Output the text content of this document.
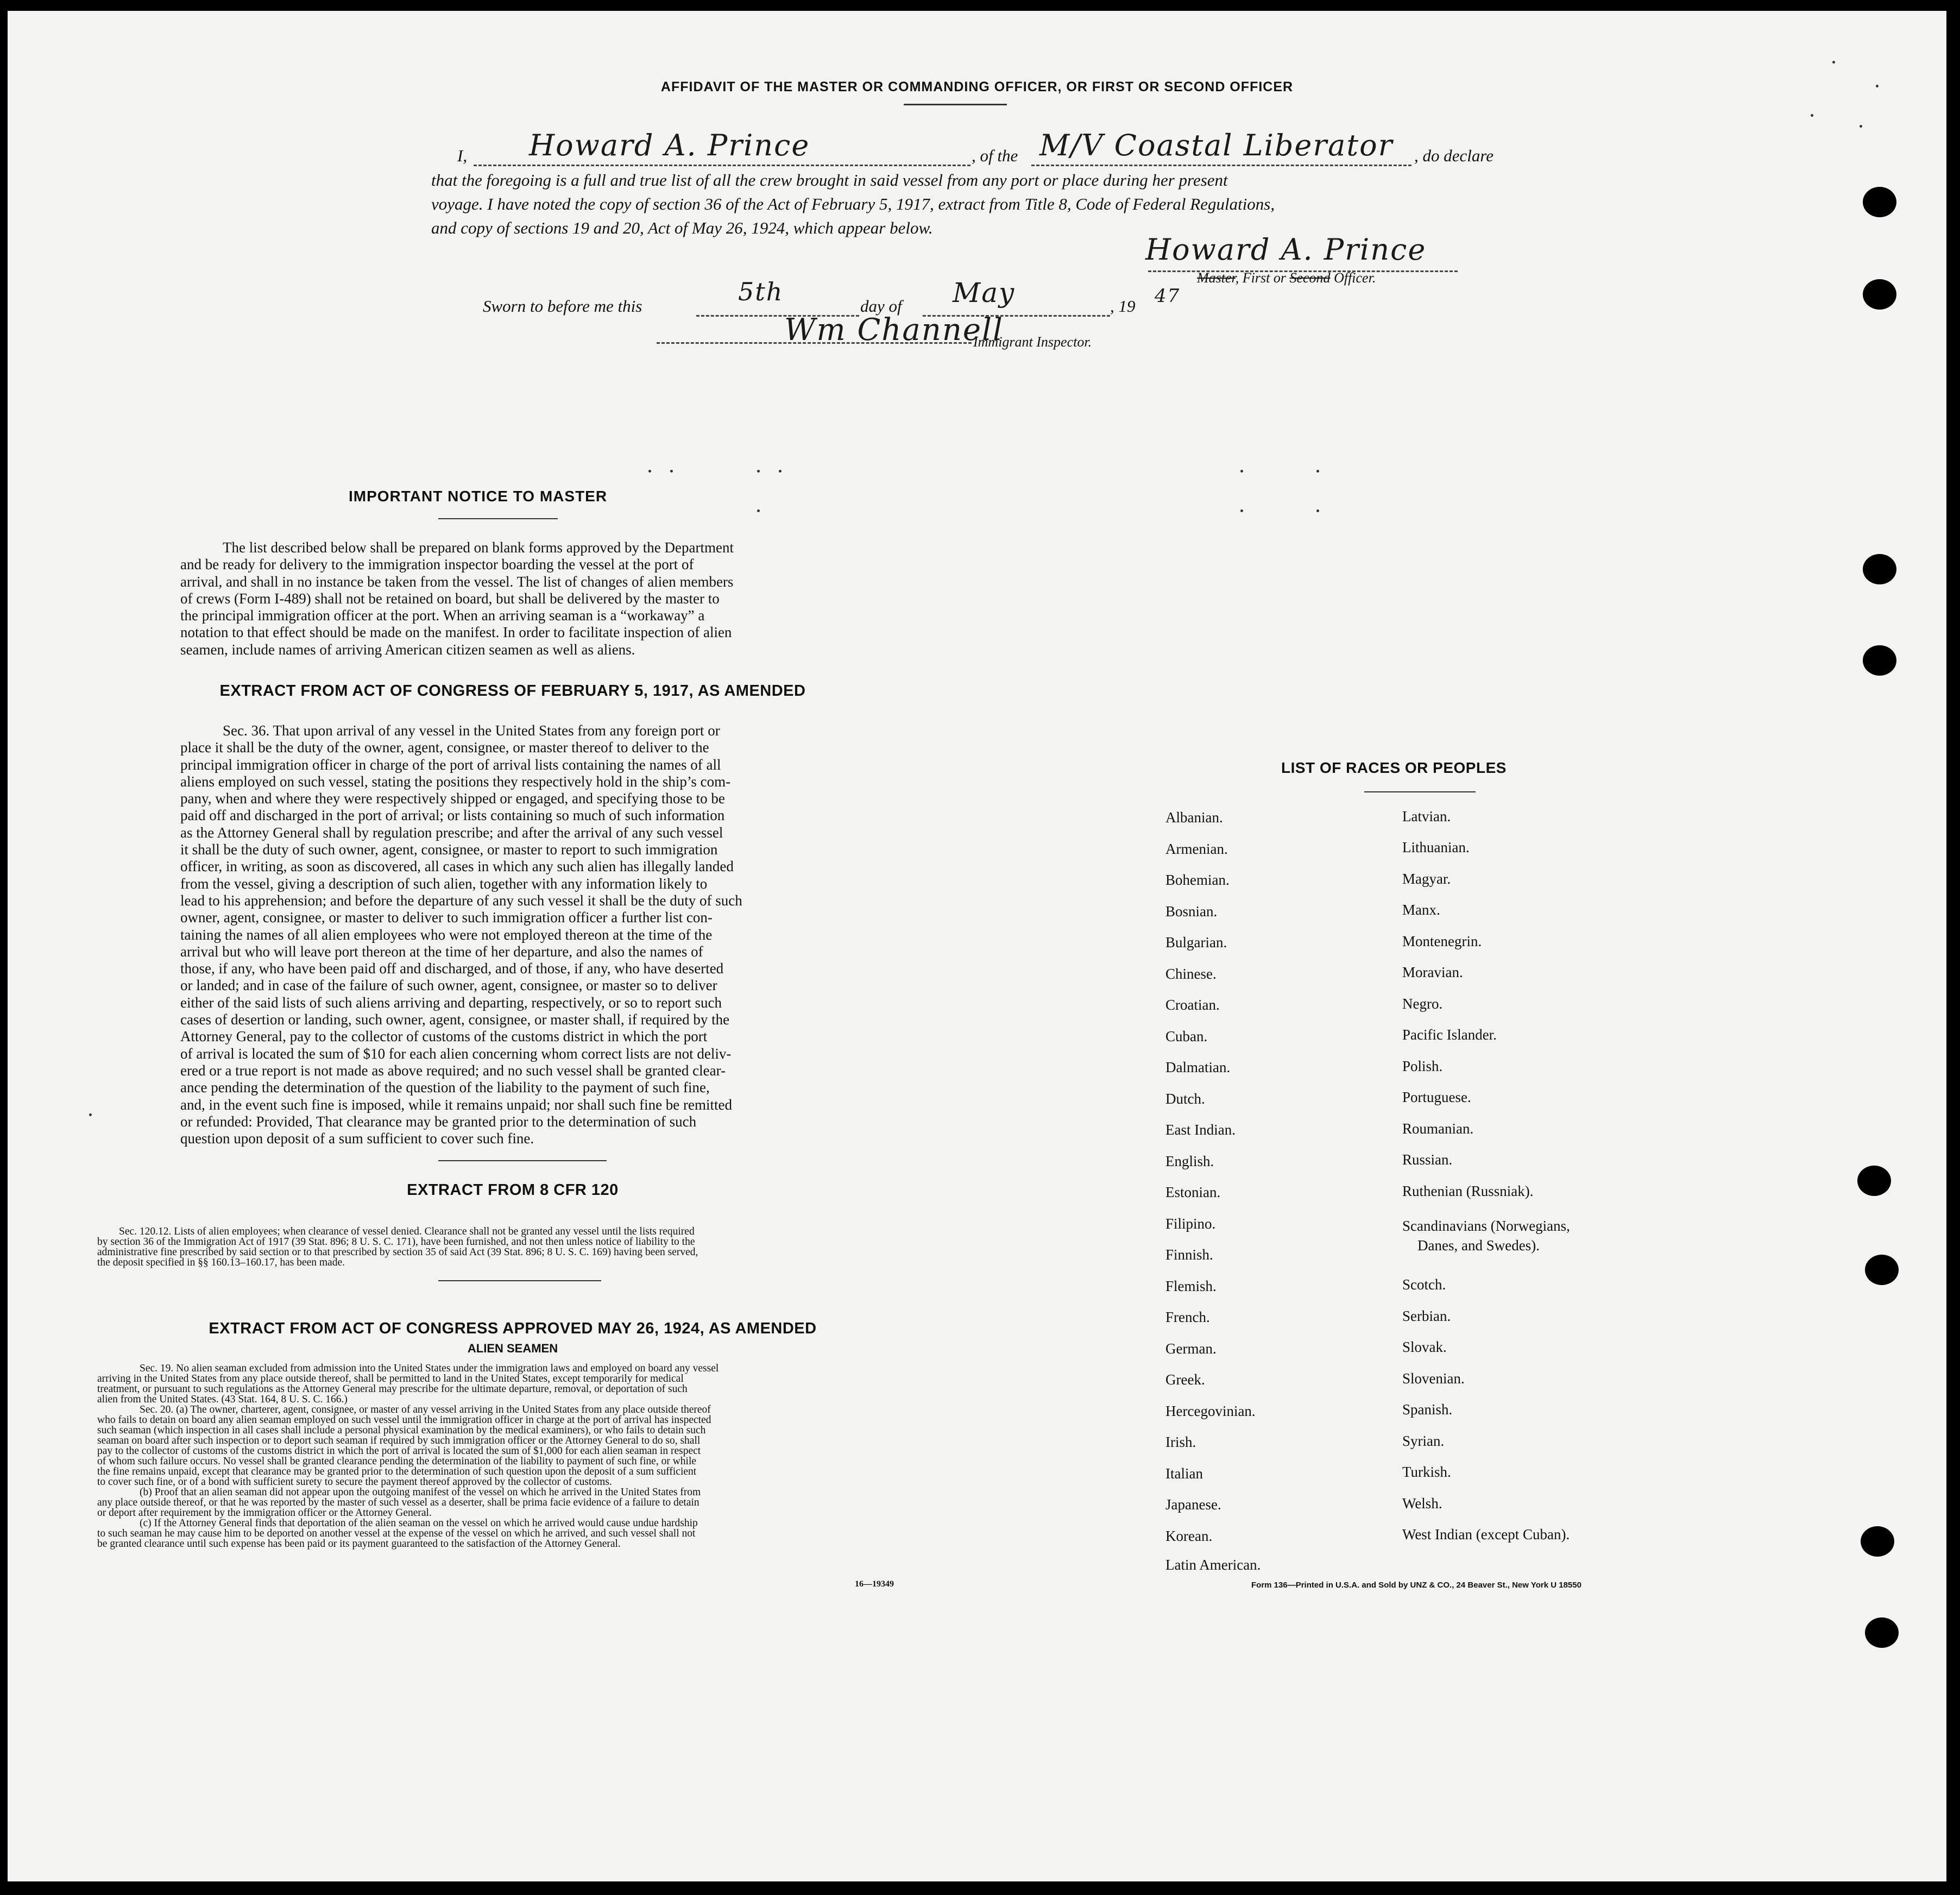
AFFIDAVIT OF THE MASTER OR COMMANDING OFFICER, OR FIRST OR SECOND OFFICER
I, Howard A. Prince	, of the M/V Coastal Liberator , do declare
that the foregoing is a full and true list of all the crew brought in said vessel from any port or place during her present
voyage. I have noted the copy of section 36 of the Act of February 5, 1917, extract from Title 8, Code of Federal Regulations,
and copy of sections 19 and 20, Act of May 26, 1924, which appear below.
Howard A. Prince
Master, First or Second Officer.
Sworn to before me this	5th	day of May	, 19 47
Wm Channell
Immigrant Inspector.
IMPORTANT NOTICE TO MASTER
The list described below shall be prepared on blank forms approved by the Department
and be ready for delivery to the immigration inspector boarding the vessel at the port of
arrival, and shall in no instance be taken from the vessel. The list of changes of alien members
of crews (Form I-489) shall not be retained on board, but shall be delivered by the master to
the principal immigration officer at the port. When an arriving seaman is a “workaway” a
notation to that effect should be made on the manifest. In order to facilitate inspection of alien
seamen, include names of arriving American citizen seamen as well as aliens.
EXTRACT FROM ACT OF CONGRESS OF FEBRUARY 5, 1917, AS AMENDED
Sec. 36. That upon arrival of any vessel in the United States from any foreign port or
place it shall be the duty of the owner, agent, consignee, or master thereof to deliver to the
principal immigration officer in charge of the port of arrival lists containing the names of all
aliens employed on such vessel, stating the positions they respectively hold in the ship’s com-
pany, when and where they were respectively shipped or engaged, and specifying those to be
paid off and discharged in the port of arrival; or lists containing so much of such information
as the Attorney General shall by regulation prescribe; and after the arrival of any such vessel
it shall be the duty of such owner, agent, consignee, or master to report to such immigration
officer, in writing, as soon as discovered, all cases in which any such alien has illegally landed
from the vessel, giving a description of such alien, together with any information likely to
lead to his apprehension; and before the departure of any such vessel it shall be the duty of such
owner, agent, consignee, or master to deliver to such immigration officer a further list con-
taining the names of all alien employees who were not employed thereon at the time of the
arrival but who will leave port thereon at the time of her departure, and also the names of
those, if any, who have been paid off and discharged, and of those, if any, who have deserted
or landed; and in case of the failure of such owner, agent, consignee, or master so to deliver
either of the said lists of such aliens arriving and departing, respectively, or so to report such
cases of desertion or landing, such owner, agent, consignee, or master shall, if required by the
Attorney General, pay to the collector of customs of the customs district in which the port
of arrival is located the sum of $10 for each alien concerning whom correct lists are not deliv-
ered or a true report is not made as above required; and no such vessel shall be granted clear-
ance pending the determination of the question of the liability to the payment of such fine,
and, in the event such fine is imposed, while it remains unpaid; nor shall such fine be remitted
or refunded: Provided, That clearance may be granted prior to the determination of such
question upon deposit of a sum sufficient to cover such fine.
EXTRACT FROM 8 CFR 120
Sec. 120.12. Lists of alien employees; when clearance of vessel denied. Clearance shall not be granted any vessel until the lists required
by section 36 of the Immigration Act of 1917 (39 Stat. 896; 8 U. S. C. 171), have been furnished, and not then unless notice of liability to the
administrative fine prescribed by said section or to that prescribed by section 35 of said Act (39 Stat. 896; 8 U. S. C. 169) having been served,
the deposit specified in §§ 160.13–160.17, has been made.
EXTRACT FROM ACT OF CONGRESS APPROVED MAY 26, 1924, AS AMENDED
ALIEN SEAMEN
Sec. 19. No alien seaman excluded from admission into the United States under the immigration laws and employed on board any vessel
arriving in the United States from any place outside thereof, shall be permitted to land in the United States, except temporarily for medical
treatment, or pursuant to such regulations as the Attorney General may prescribe for the ultimate departure, removal, or deportation of such
alien from the United States. (43 Stat. 164, 8 U. S. C. 166.)
Sec. 20. (a) The owner, charterer, agent, consignee, or master of any vessel arriving in the United States from any place outside thereof
who fails to detain on board any alien seaman employed on such vessel until the immigration officer in charge at the port of arrival has inspected
such seaman (which inspection in all cases shall include a personal physical examination by the medical examiners), or who fails to detain such
seaman on board after such inspection or to deport such seaman if required by such immigration officer or the Attorney General to do so, shall
pay to the collector of customs of the customs district in which the port of arrival is located the sum of $1,000 for each alien seaman in respect
of whom such failure occurs. No vessel shall be granted clearance pending the determination of the liability to payment of such fine, or while
the fine remains unpaid, except that clearance may be granted prior to the determination of such question upon the deposit of a sum sufficient
to cover such fine, or of a bond with sufficient surety to secure the payment thereof approved by the collector of customs.
(b) Proof that an alien seaman did not appear upon the outgoing manifest of the vessel on which he arrived in the United States from
any place outside thereof, or that he was reported by the master of such vessel as a deserter, shall be prima facie evidence of a failure to detain
or deport after requirement by the immigration officer or the Attorney General.
(c) If the Attorney General finds that deportation of the alien seaman on the vessel on which he arrived would cause undue hardship
to such seaman he may cause him to be deported on another vessel at the expense of the vessel on which he arrived, and such vessel shall not
be granted clearance until such expense has been paid or its payment guaranteed to the satisfaction of the Attorney General.
16—19349
LIST OF RACES OR PEOPLES
Albanian.
Armenian.
Bohemian.
Bosnian.
Bulgarian.
Chinese.
Croatian.
Cuban.
Dalmatian.
Dutch.
East Indian.
English.
Estonian.
Filipino.
Finnish.
Flemish.
French.
German.
Greek.
Hercegovinian.
Irish.
Italian
Japanese.
Korean.
Latin American.
Latvian.
Lithuanian.
Magyar.
Manx.
Montenegrin.
Moravian.
Negro.
Pacific Islander.
Polish.
Portuguese.
Roumanian.
Russian.
Ruthenian (Russniak).
Scandinavians (Norwegians,
Danes, and Swedes).
Scotch.
Serbian.
Slovak.
Slovenian.
Spanish.
Syrian.
Turkish.
Welsh.
West Indian (except Cuban).
Form 136—Printed in U.S.A. and Sold by UNZ & CO., 24 Beaver St., New York U 18550
